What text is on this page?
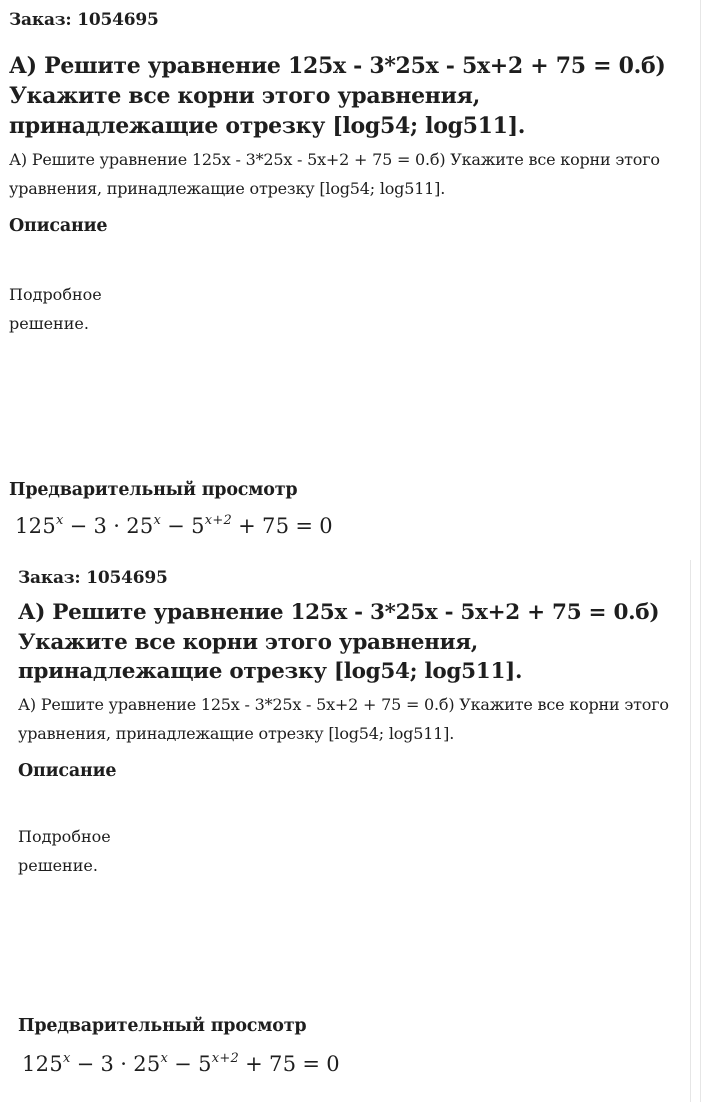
Заказ: 1054695
А) Решите уравнение 125x - 3*25x - 5x+2 + 75 = 0.б) Укажите все корни этого уравнения, принадлежащие отрезку [log54; log511].

А) Решите уравнение 125x - 3*25x - 5x+2 + 75 = 0.б) Укажите все корни этого уравнения, принадлежащие отрезку [log54; log511].

Описание

Подробное решение.

Предварительный просмотр
$125^x - 3 \cdot 25^x - 5^{x+2} + 75 = 0$
Заказ: 1054695
А) Решите уравнение 125x - 3*25x - 5x+2 + 75 = 0.б) Укажите все корни этого уравнения, принадлежащие отрезку [log54; log511].

А) Решите уравнение 125x - 3*25x - 5x+2 + 75 = 0.б) Укажите все корни этого уравнения, принадлежащие отрезку [log54; log511].

Описание

Подробное решение.

Предварительный просмотр
$125^x - 3 \cdot 25^x - 5^{x+2} + 75 = 0$
